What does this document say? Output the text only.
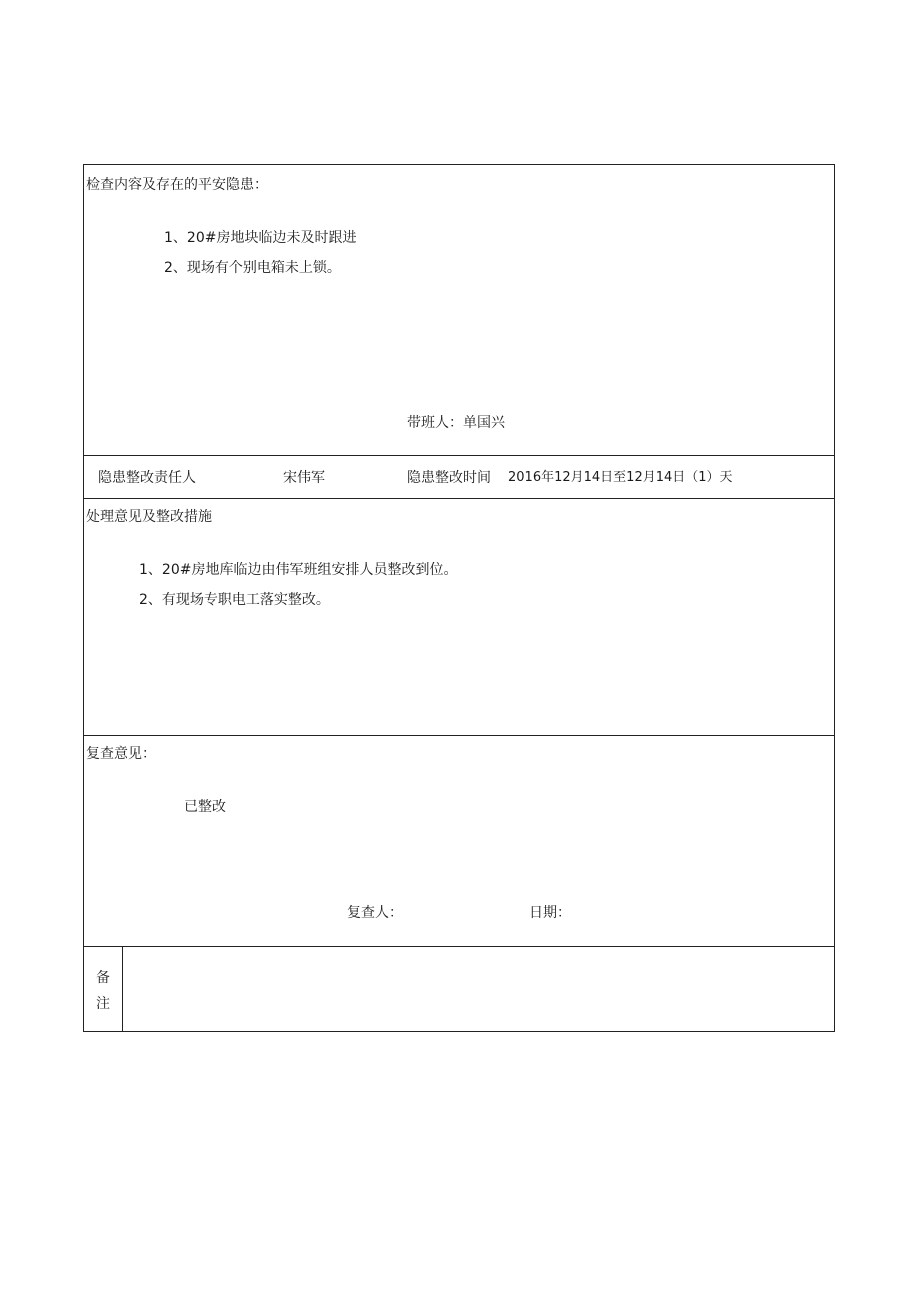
检查内容及存在的平安隐患：
1、20#房地块临边未及时跟进
2、现场有个别电箱未上锁。
带班人：单国兴
隐患整改责任人	宋伟军	隐患整改时间 2016年12月14日至12月14日（1）天
处理意见及整改措施
1、20#房地库临边由伟军班组安排人员整改到位。
2、有现场专职电工落实整改。
复查意见：
已整改
复查人：	日期：
备
注
